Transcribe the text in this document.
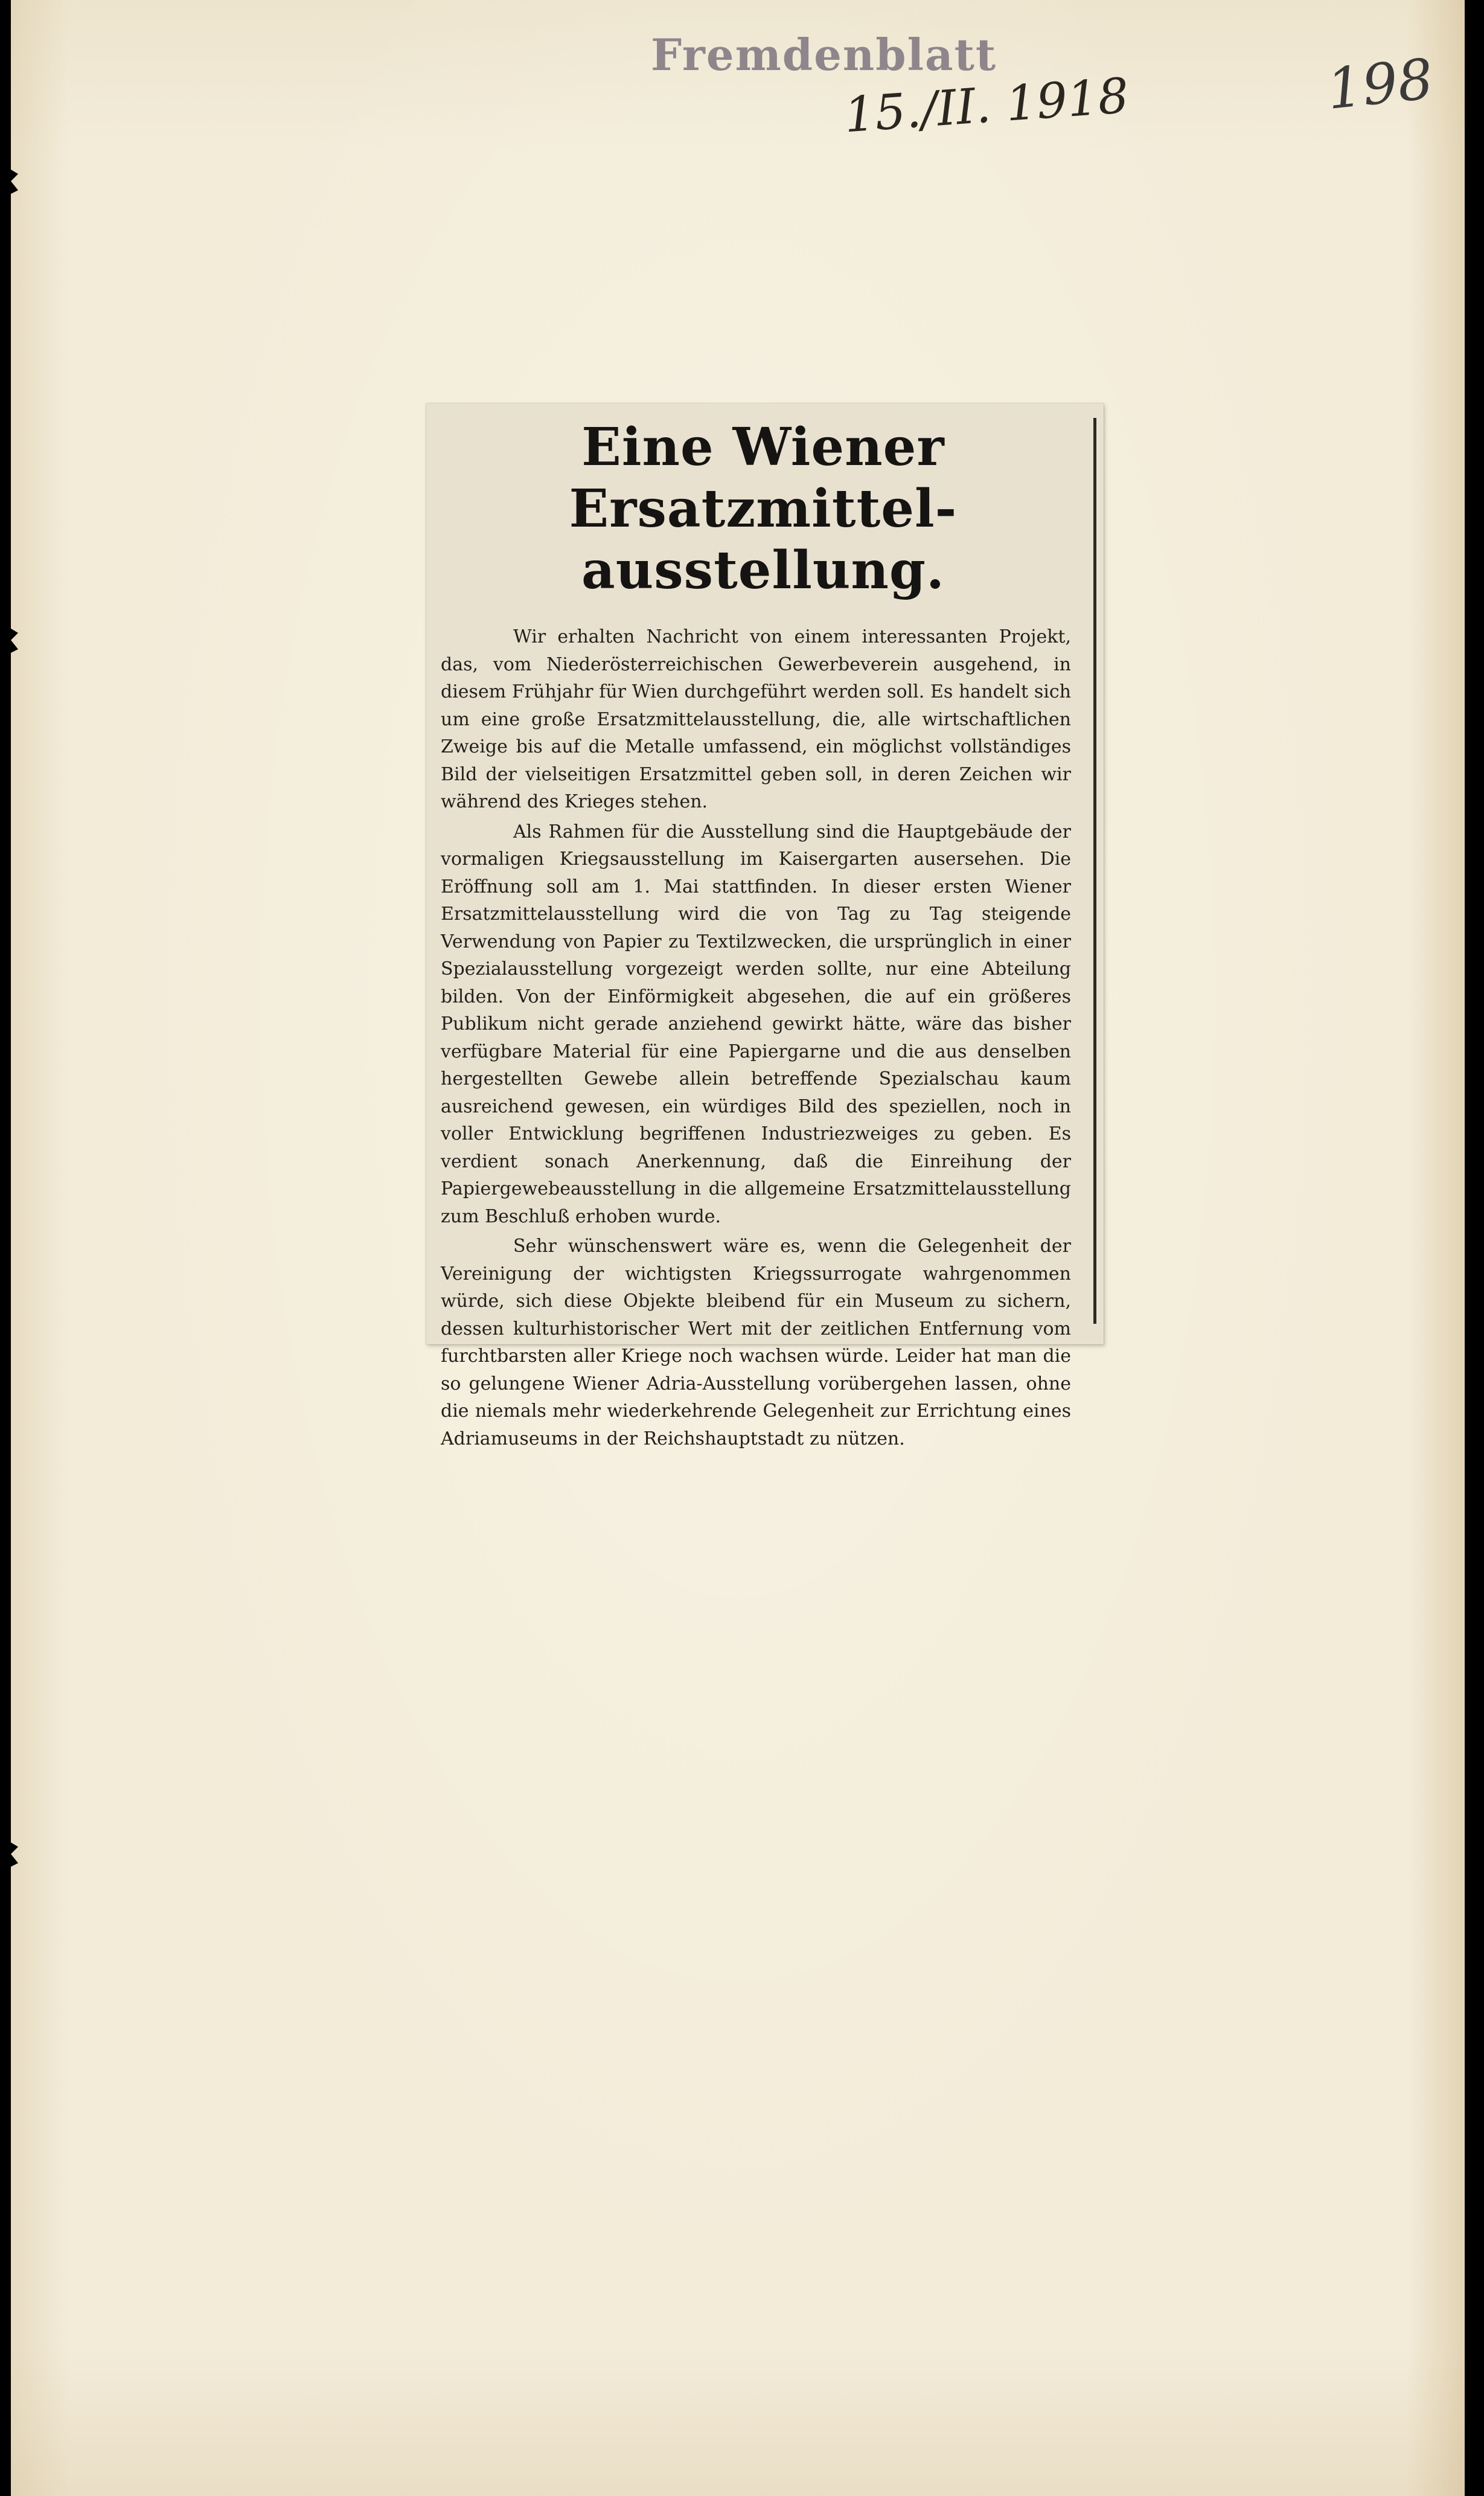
Fremdenblatt
15./II. 1918	198
Eine Wiener Ersatzmittel-
ausstellung.

Wir erhalten Nachricht von einem interessanten Projekt, das, vom Niederösterreichischen Gewerbeverein ausgehend, in diesem Frühjahr für Wien durchgeführt werden soll. Es handelt sich um eine große Ersatzmittelausstellung, die, alle wirtschaftlichen Zweige bis auf die Metalle umfassend, ein möglichst vollständiges Bild der vielseitigen Ersatzmittel geben soll, in deren Zeichen wir während des Krieges stehen.

Als Rahmen für die Ausstellung sind die Hauptgebäude der vormaligen Kriegsausstellung im Kaisergarten ausersehen. Die Eröffnung soll am 1. Mai stattfinden. In dieser ersten Wiener Ersatzmittelausstellung wird die von Tag zu Tag steigende Verwendung von Papier zu Textilzwecken, die ursprünglich in einer Spezialausstellung vorgezeigt werden sollte, nur eine Abteilung bilden. Von der Einförmigkeit abgesehen, die auf ein größeres Publikum nicht gerade anziehend gewirkt hätte, wäre das bisher verfügbare Material für eine Papiergarne und die aus denselben hergestellten Gewebe allein betreffende Spezialschau kaum ausreichend gewesen, ein würdiges Bild des speziellen, noch in voller Entwicklung begriffenen Industriezweiges zu geben. Es verdient sonach Anerkennung, daß die Einreihung der Papiergewebeausstellung in die allgemeine Ersatzmittelausstellung zum Beschluß erhoben wurde.

Sehr wünschenswert wäre es, wenn die Gelegenheit der Vereinigung der wichtigsten Kriegssurrogate wahrgenommen würde, sich diese Objekte bleibend für ein Museum zu sichern, dessen kulturhistorischer Wert mit der zeitlichen Entfernung vom furchtbarsten aller Kriege noch wachsen würde. Leider hat man die so gelungene Wiener Adria-Ausstellung vorübergehen lassen, ohne die niemals mehr wiederkehrende Gelegenheit zur Errichtung eines Adriamuseums in der Reichshauptstadt zu nützen.
